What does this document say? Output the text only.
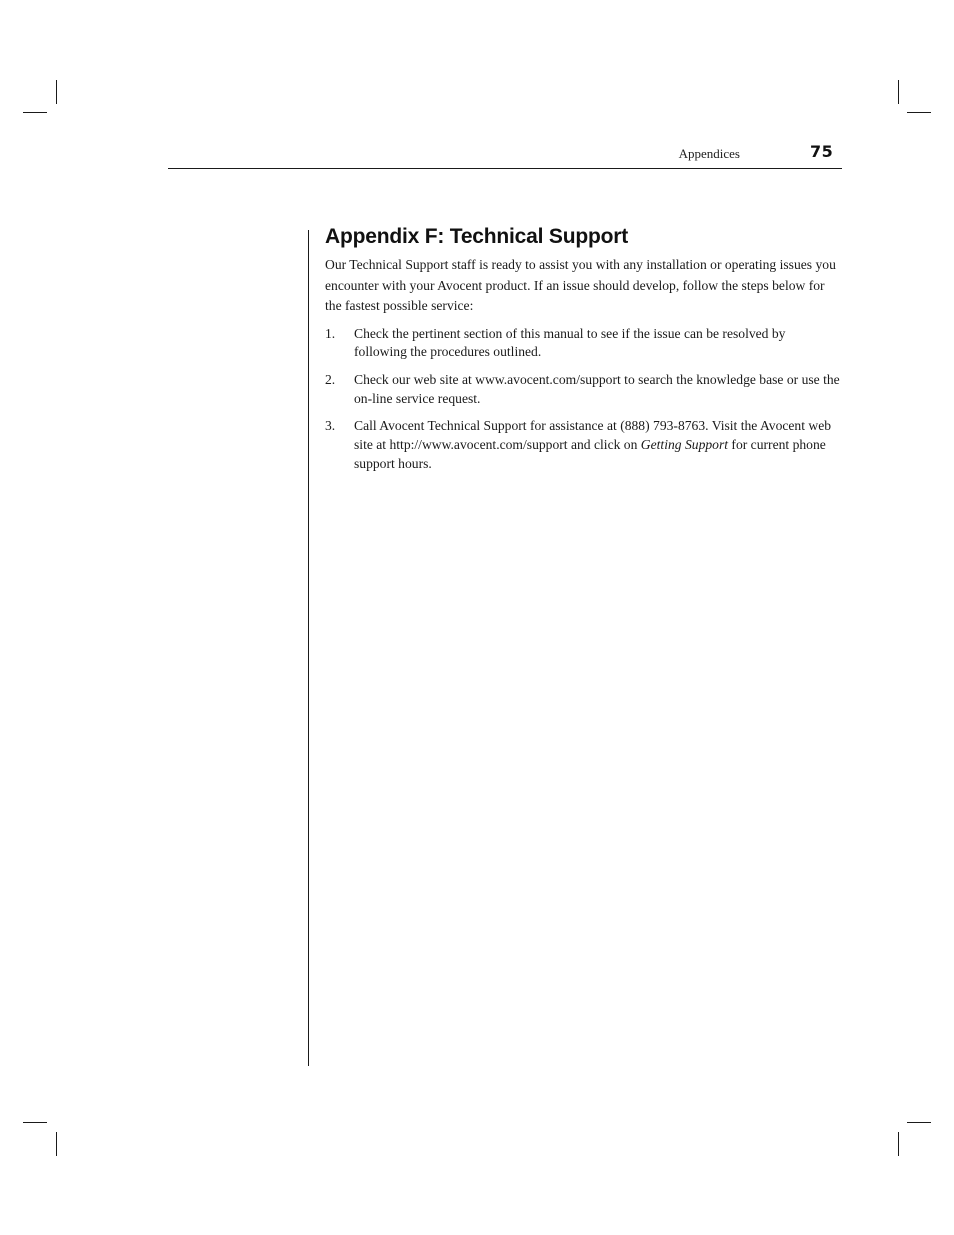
Appendices	75
Appendix F: Technical Support

Our Technical Support staff is ready to assist you with any installation or operating issues you encounter with your Avocent product. If an issue should develop, follow the steps below for the fastest possible service:

1. Check the pertinent section of this manual to see if the issue can be resolved by following the procedures outlined.
2. Check our web site at www.avocent.com/support to search the knowledge base or use the on-line service request.
3. Call Avocent Technical Support for assistance at (888) 793-8763. Visit the Avocent web site at http://www.avocent.com/support and click on Getting Support for current phone support hours.
